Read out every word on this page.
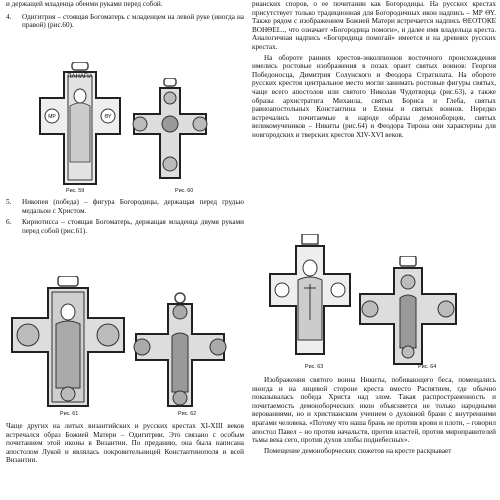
и держащей младенца обеими руками перед собой.

4.	Одигитрия – стоящая Богоматерь с младенцем на левой руке (иногда на правой) (рис.60).
ПАНАГІА
МР	ΘΥ
Рис. 59	Рис. 60
5.	Никопея (победа) – фигура Богородицы, держащая перед грудью медальон с Христом.
6.	Кириотисса – стоящая Богоматерь, держащая младенца двумя руками перед собой (рис.61).
Рис. 61	Рис. 62

Чаще других на литых византийских и русских крестах XI-XIII веков встречался образ Божией Матери – Одигитрии. Это связано с особым почитанием этой иконы в Византии. По преданию, она была написана апостолом Лукой и являлась покровительницей Константинополя и всей Византии.

рианских споров, о ее почитании как Богородицы. На русских крестах присутствует только традиционная для Богородичных икон надпись – МР ΘΥ. Также рядом с изображением Божией Матери встречается надпись ΘЕОТОКЕ ВОНΘЕІ..., что означает «Богородица помоги», и далее имя владельца креста. Аналогичная надпись «Богородица помогай» имеется и на древних русских крестах.

На обороте ранних крестов-энколпионов восточного происхождения имелись ростовые изображения в позах орант святых воинов: Георгия Победоносца, Димитрия Солунского и Феодора Стратилата. На обороте русских крестов центральное место могли занимать ростовые фигуры святых, чаще всего апостолов или святого Николая Чудотворца (рис.63), а также образы архистратига Михаила, святых Бориса и Глеба, святых равноапостольных Константина и Елены и святых воинов. Нередко встречались почитаемые в народе образы демоноборцев, святых великомучеников – Никиты (рис.64) и Феодора Тирона они характерны для новгородских и тверских крестов XIV-XVI веков.

Рис. 63	Рис. 64

Изображения святого воина Никиты, побивающего беса, помещались иногда и на лицевой стороне креста вместо Распятием, где обычно показывалась победа Христа над злом. Такая распространенность и почитаемость демоноборческих икон объясняется не только народными верованиями, но и христианским учением о духовной брани с внутренними врагами человека. «Потому что наша брань не против крови и плоти, – говорил апостол Павел – но против начальств, против властей, против мироправителей тьмы века сего, против духов злобы поднебесных».

Помещение демоноборческих сюжетов на кресте раскрывает
